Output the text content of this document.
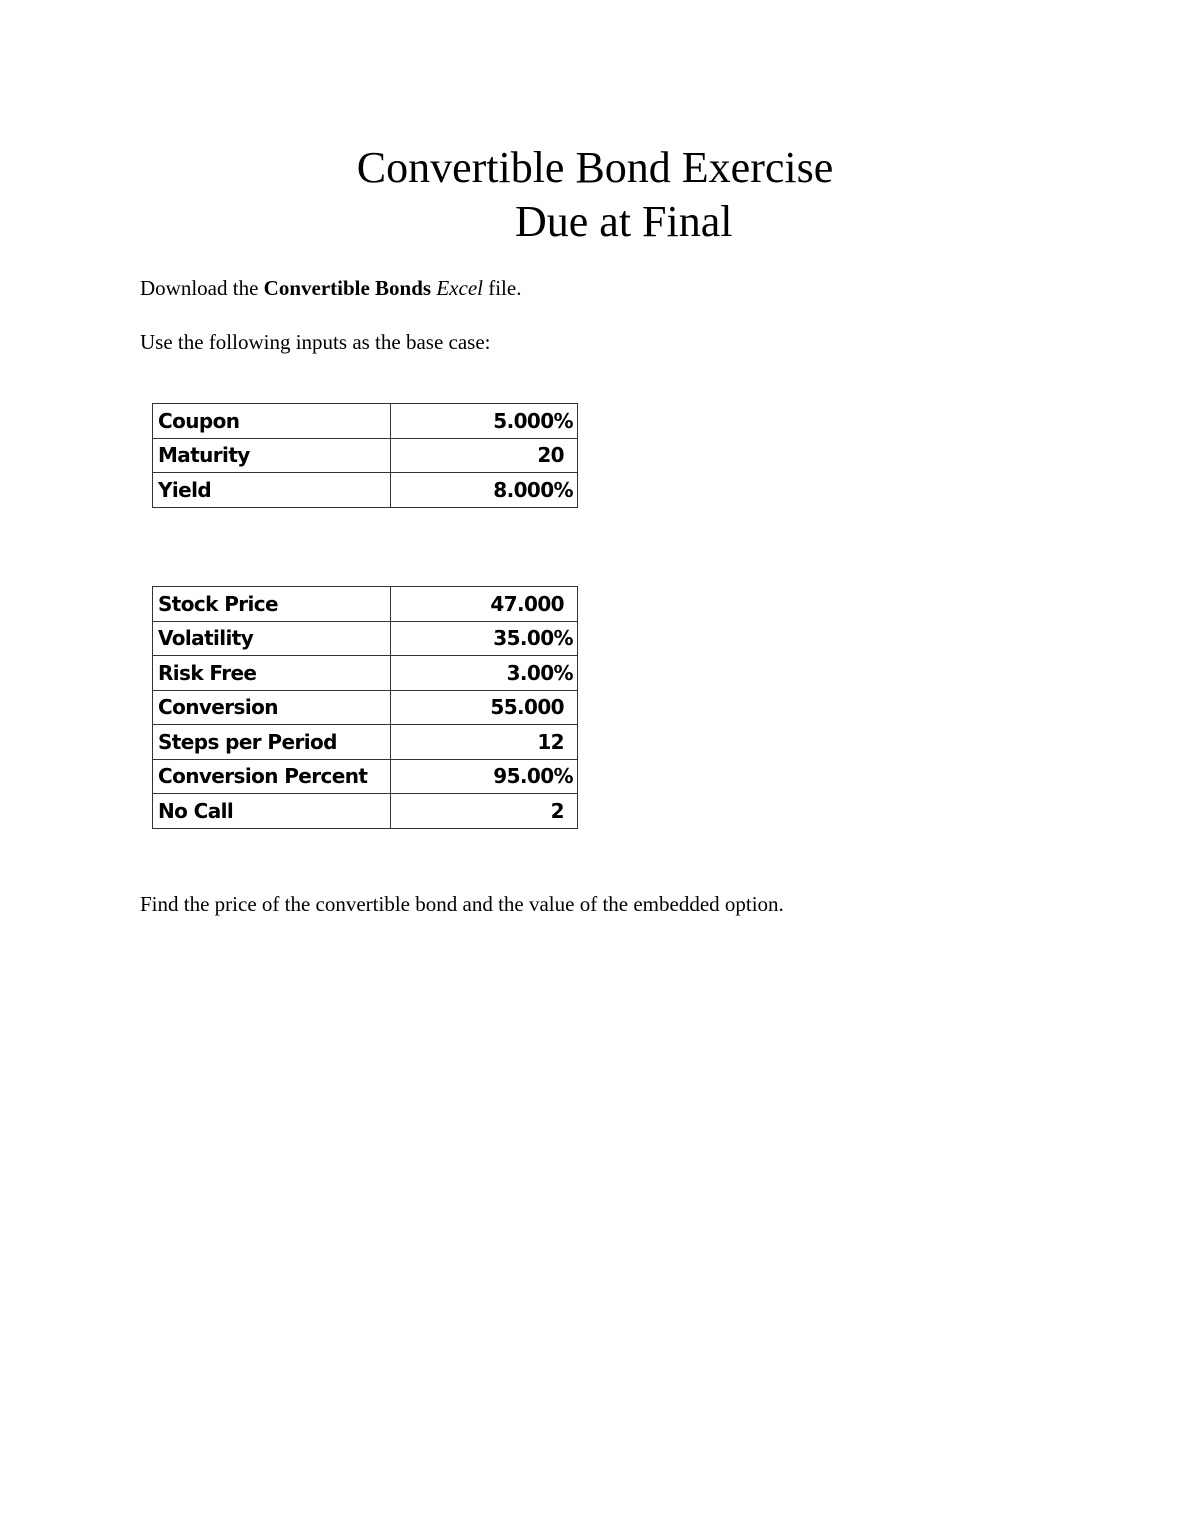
Convertible Bond Exercise
Due at Final
Download the Convertible Bonds Excel file.
Use the following inputs as the base case:
Coupon	5.000%
Maturity	20
Yield	8.000%
Stock Price	47.000
Volatility	35.00%
Risk Free	3.00%
Conversion	55.000
Steps per Period	12
Conversion Percent	95.00%
No Call	2
Find the price of the convertible bond and the value of the embedded option.
